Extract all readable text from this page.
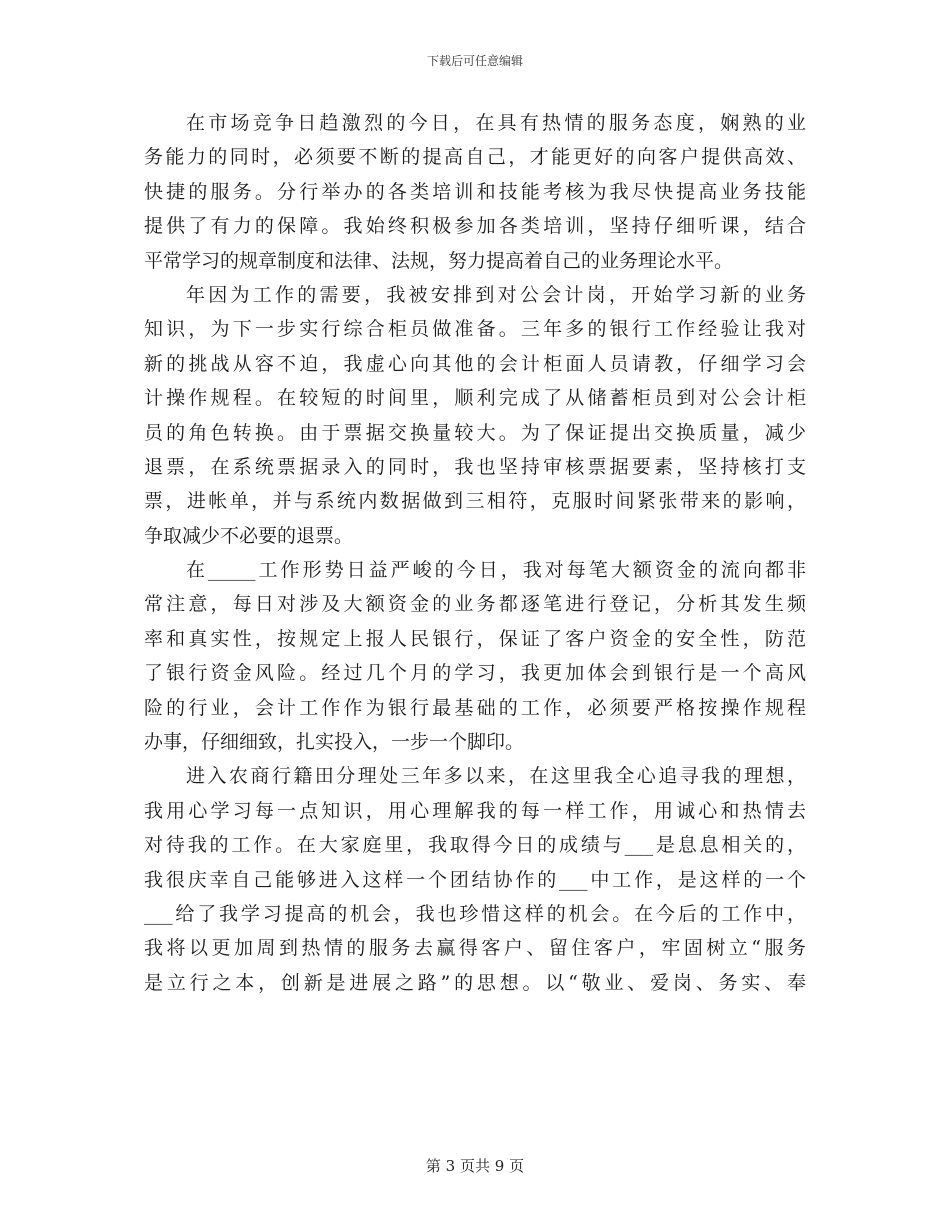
下载后可任意编辑
在市场竞争日趋激烈的今日，在具有热情的服务态度，娴熟的业
务能力的同时，必须要不断的提高自己，才能更好的向客户提供高效、
快捷的服务。分行举办的各类培训和技能考核为我尽快提高业务技能
提供了有力的保障。我始终积极参加各类培训，坚持仔细听课，结合
平常学习的规章制度和法律、法规，努力提高着自己的业务理论水平。
年因为工作的需要，我被安排到对公会计岗，开始学习新的业务
知识，为下一步实行综合柜员做准备。三年多的银行工作经验让我对
新的挑战从容不迫，我虚心向其他的会计柜面人员请教，仔细学习会
计操作规程。在较短的时间里，顺利完成了从储蓄柜员到对公会计柜
员的角色转换。由于票据交换量较大。为了保证提出交换质量，减少
退票，在系统票据录入的同时，我也坚持审核票据要素，坚持核打支
票，进帐单，并与系统内数据做到三相符，克服时间紧张带来的影响，
争取减少不必要的退票。
在_____工作形势日益严峻的今日，我对每笔大额资金的流向都非
常注意，每日对涉及大额资金的业务都逐笔进行登记，分析其发生频
率和真实性，按规定上报人民银行，保证了客户资金的安全性，防范
了银行资金风险。经过几个月的学习，我更加体会到银行是一个高风
险的行业，会计工作作为银行最基础的工作，必须要严格按操作规程
办事，仔细细致，扎实投入，一步一个脚印。
进入农商行籍田分理处三年多以来，在这里我全心追寻我的理想，
我用心学习每一点知识，用心理解我的每一样工作，用诚心和热情去
对待我的工作。在大家庭里，我取得今日的成绩与___是息息相关的，
我很庆幸自己能够进入这样一个团结协作的___中工作，是这样的一个
___给了我学习提高的机会，我也珍惜这样的机会。在今后的工作中，
我将以更加周到热情的服务去赢得客户、留住客户，牢固树立“服务
是立行之本，创新是进展之路”的思想。以“敬业、爱岗、务实、奉
第 3 页共 9 页
